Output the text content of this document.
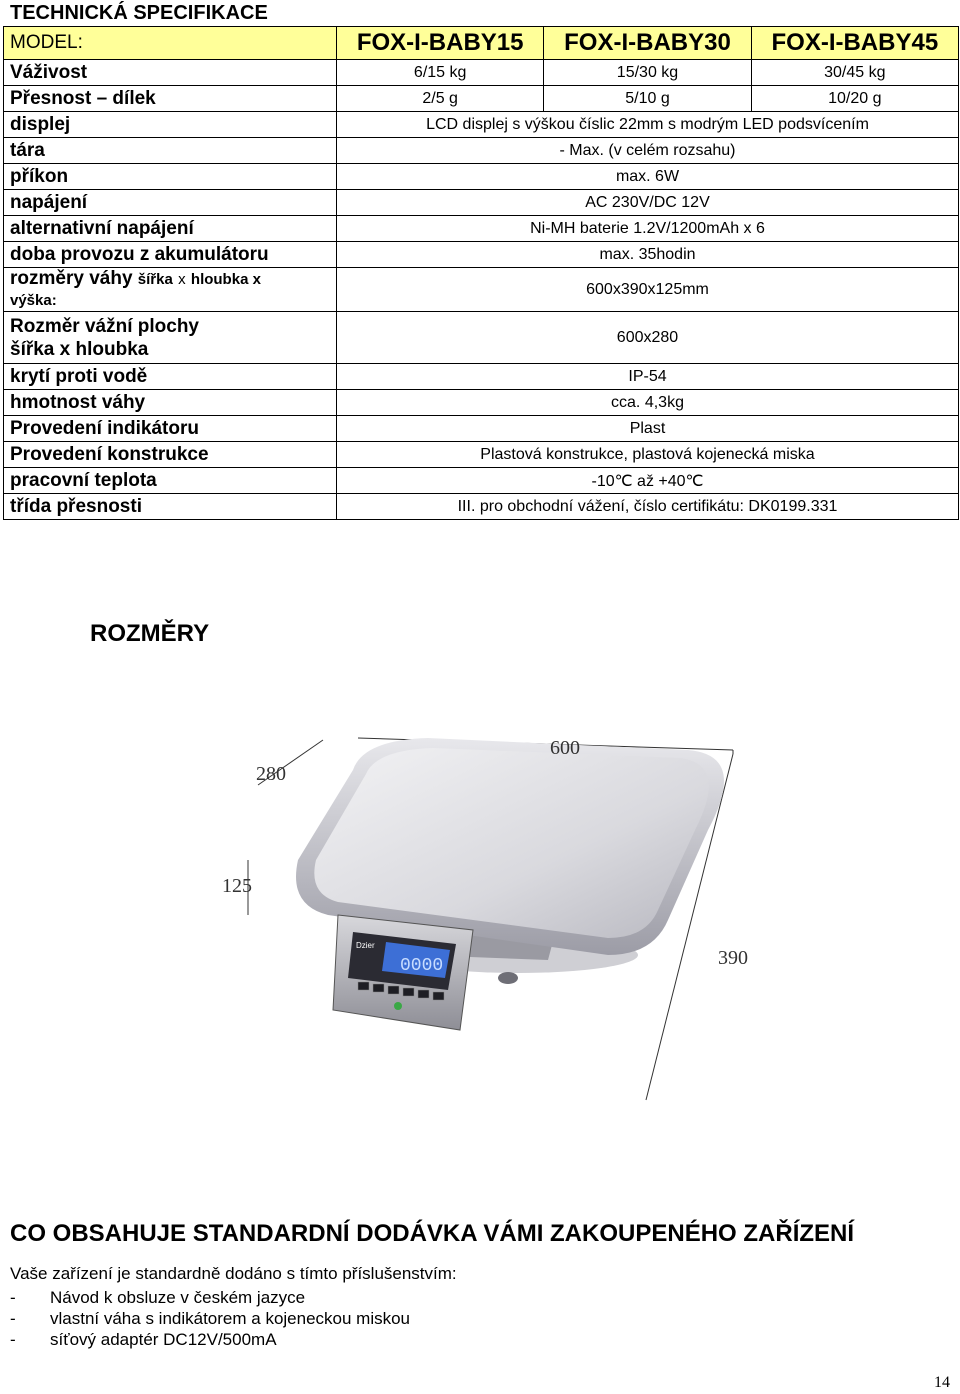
TECHNICKÁ SPECIFIKACE
MODEL:	FOX-I-BABY15	FOX-I-BABY30	FOX-I-BABY45
Váživost	6/15 kg	15/30 kg	30/45 kg
Přesnost – dílek	2/5 g	5/10 g	10/20 g
displej	LCD displej s výškou číslic 22mm s modrým LED podsvícením		
tára	- Max. (v celém rozsahu)		
příkon	max. 6W		
napájení	AC 230V/DC 12V		
alternativní napájení	Ni-MH baterie 1.2V/1200mAh x 6		
doba provozu z akumulátoru	max. 35hodin		
rozměry váhy šířka x hloubka x
výška:	600x390x125mm		
Rozměr vážní plochy
šířka x hloubka	600x280		
krytí proti vodě	IP-54		
hmotnost váhy	cca. 4,3kg		
Provedení indikátoru	Plast		
Provedení konstrukce	Plastová konstrukce, plastová kojenecká miska		
pracovní teplota	-10℃ až +40℃		
třída přesnosti	III. pro obchodní vážení, číslo certifikátu: DK0199.331		
ROZMĚRY
0000
Dzier
600
280
125
390
CO OBSAHUJE STANDARDNÍ DODÁVKA VÁMI ZAKOUPENÉHO ZAŘÍZENÍ
Vaše zařízení je standardně dodáno s tímto příslušenstvím:
- Návod k obsluze v českém jazyce
- vlastní váha s indikátorem a kojeneckou miskou
- síťový adaptér DC12V/500mA
14
